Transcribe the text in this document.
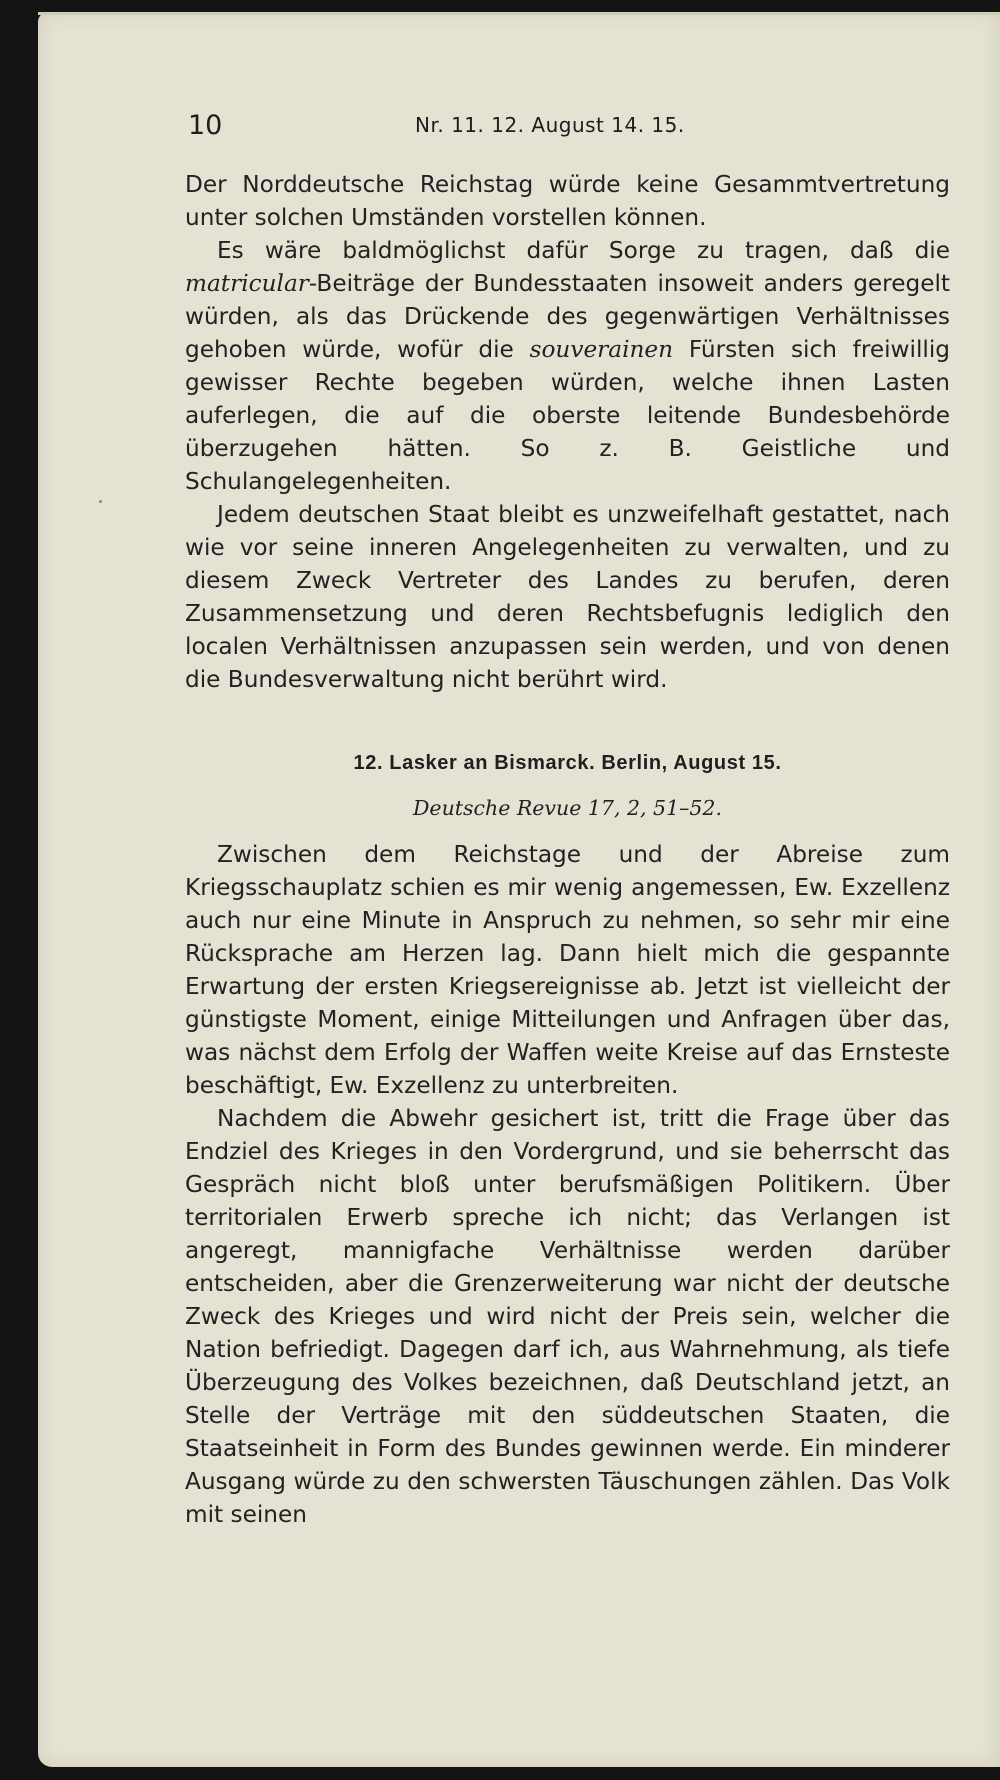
10	Nr. 11. 12. August 14. 15.

Der Norddeutsche Reichstag würde keine Gesammtvertretung unter solchen Umständen vorstellen können.

Es wäre baldmöglichst dafür Sorge zu tragen, daß die matricular-Beiträge der Bundesstaaten insoweit anders geregelt würden, als das Drückende des gegenwärtigen Verhältnisses gehoben würde, wofür die souverainen Fürsten sich freiwillig gewisser Rechte begeben würden, welche ihnen Lasten auferlegen, die auf die oberste leitende Bundesbehörde überzugehen hätten. So z. B. Geistliche und Schulangelegenheiten.

Jedem deutschen Staat bleibt es unzweifelhaft gestattet, nach wie vor seine inneren Angelegenheiten zu verwalten, und zu diesem Zweck Vertreter des Landes zu berufen, deren Zusammensetzung und deren Rechtsbefugnis lediglich den localen Verhältnissen anzupassen sein werden, und von denen die Bundesverwaltung nicht berührt wird.

12. Lasker an Bismarck. Berlin, August 15.
Deutsche Revue 17, 2, 51–52.

Zwischen dem Reichstage und der Abreise zum Kriegsschauplatz schien es mir wenig angemessen, Ew. Exzellenz auch nur eine Minute in Anspruch zu nehmen, so sehr mir eine Rücksprache am Herzen lag. Dann hielt mich die gespannte Erwartung der ersten Kriegsereignisse ab. Jetzt ist vielleicht der günstigste Moment, einige Mitteilungen und Anfragen über das, was nächst dem Erfolg der Waffen weite Kreise auf das Ernsteste beschäftigt, Ew. Exzellenz zu unterbreiten.

Nachdem die Abwehr gesichert ist, tritt die Frage über das Endziel des Krieges in den Vordergrund, und sie beherrscht das Gespräch nicht bloß unter berufsmäßigen Politikern. Über territorialen Erwerb spreche ich nicht; das Verlangen ist angeregt, mannigfache Verhältnisse werden darüber entscheiden, aber die Grenzerweiterung war nicht der deutsche Zweck des Krieges und wird nicht der Preis sein, welcher die Nation befriedigt. Dagegen darf ich, aus Wahrnehmung, als tiefe Überzeugung des Volkes bezeichnen, daß Deutschland jetzt, an Stelle der Verträge mit den süddeutschen Staaten, die Staatseinheit in Form des Bundes gewinnen werde. Ein minderer Ausgang würde zu den schwersten Täuschungen zählen. Das Volk mit seinen
